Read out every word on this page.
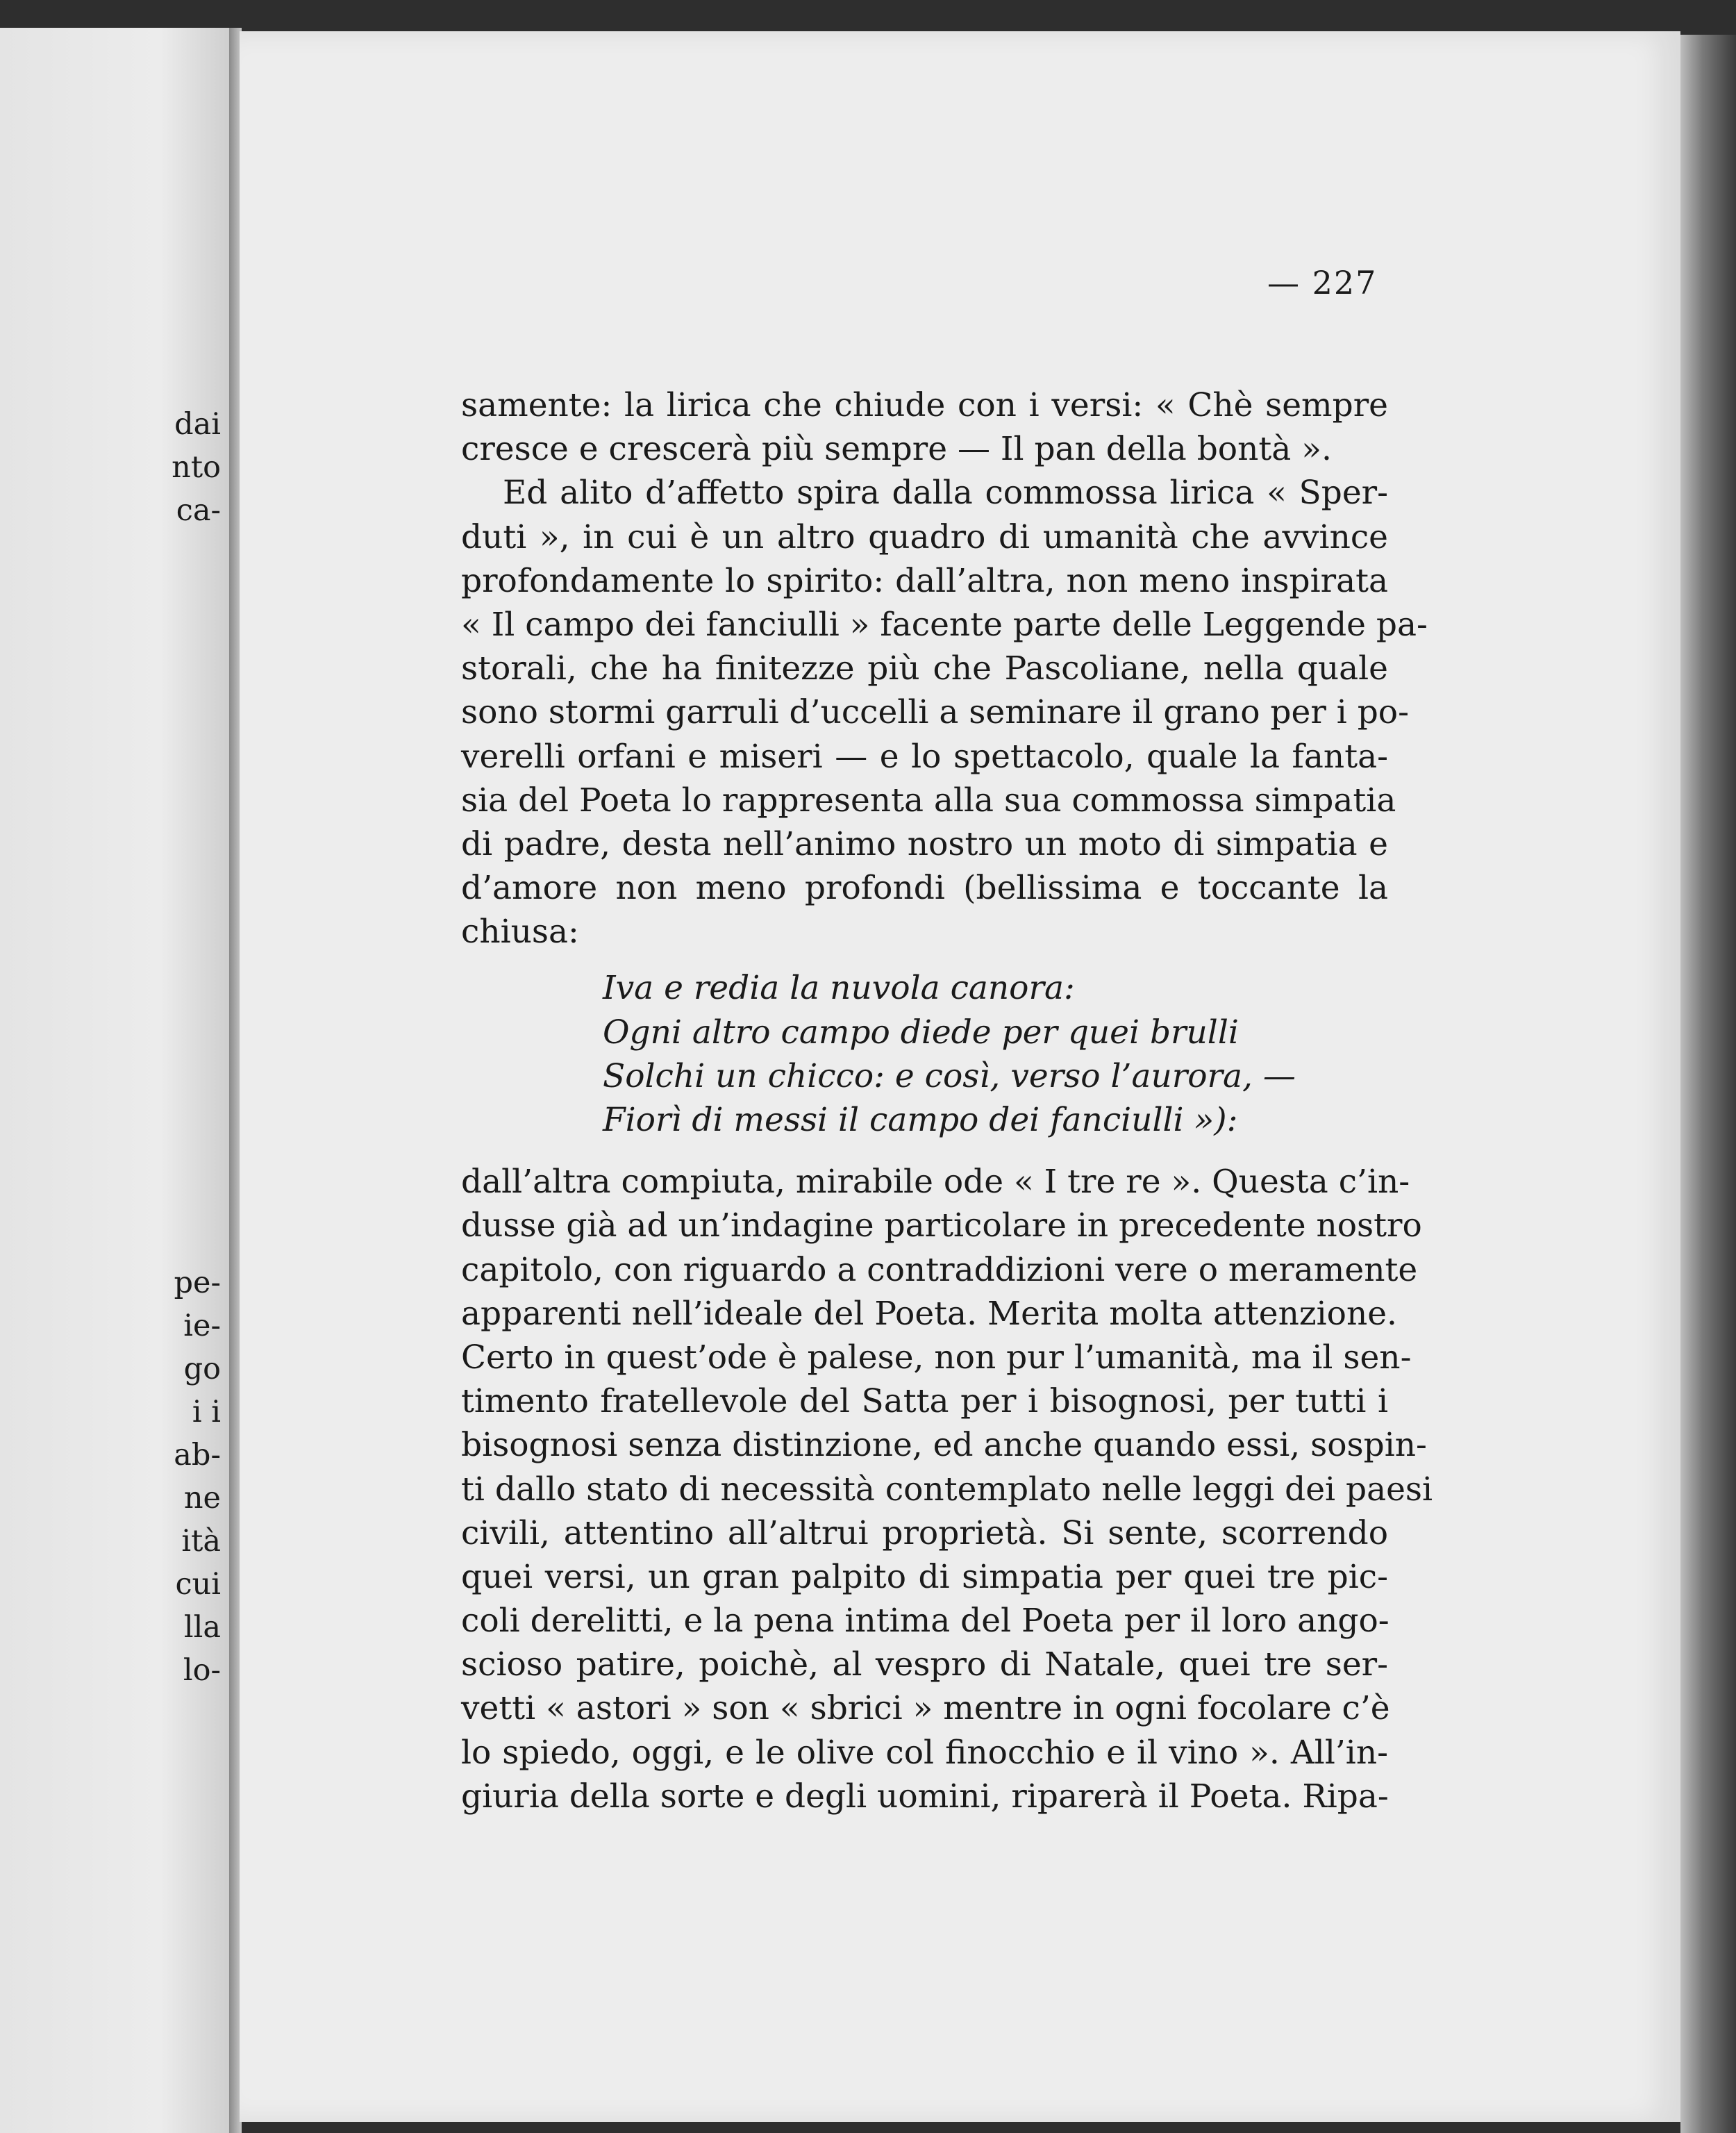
dai
nto
ca-
pe-
ie-
go
i i
ab-
ne
ità
cui
lla
lo-
— 227
samente: la lirica che chiude con i versi: « Chè sempre
cresce e crescerà più sempre — Il pan della bontà ».
Ed alito d’affetto spira dalla commossa lirica « Sper-
duti », in cui è un altro quadro di umanità che avvince
profondamente lo spirito: dall’altra, non meno inspirata
« Il campo dei fanciulli » facente parte delle Leggende pa-
storali, che ha finitezze più che Pascoliane, nella quale
sono stormi garruli d’uccelli a seminare il grano per i po-
verelli orfani e miseri — e lo spettacolo, quale la fanta-
sia del Poeta lo rappresenta alla sua commossa simpatia
di padre, desta nell’animo nostro un moto di simpatia e
d’amore non meno profondi (bellissima e toccante la
chiusa:
Iva e redia la nuvola canora:
Ogni altro campo diede per quei brulli
Solchi un chicco: e così, verso l’aurora, —
Fiorì di messi il campo dei fanciulli »):
dall’altra compiuta, mirabile ode « I tre re ». Questa c’in-
dusse già ad un’indagine particolare in precedente nostro
capitolo, con riguardo a contraddizioni vere o meramente
apparenti nell’ideale del Poeta. Merita molta attenzione.
Certo in quest’ode è palese, non pur l’umanità, ma il sen-
timento fratellevole del Satta per i bisognosi, per tutti i
bisognosi senza distinzione, ed anche quando essi, sospin-
ti dallo stato di necessità contemplato nelle leggi dei paesi
civili, attentino all’altrui proprietà. Si sente, scorrendo
quei versi, un gran palpito di simpatia per quei tre pic-
coli derelitti, e la pena intima del Poeta per il loro ango-
scioso patire, poichè, al vespro di Natale, quei tre ser-
vetti « astori » son « sbrici » mentre in ogni focolare c’è
lo spiedo, oggi, e le olive col finocchio e il vino ». All’in-
giuria della sorte e degli uomini, riparerà il Poeta. Ripa-
